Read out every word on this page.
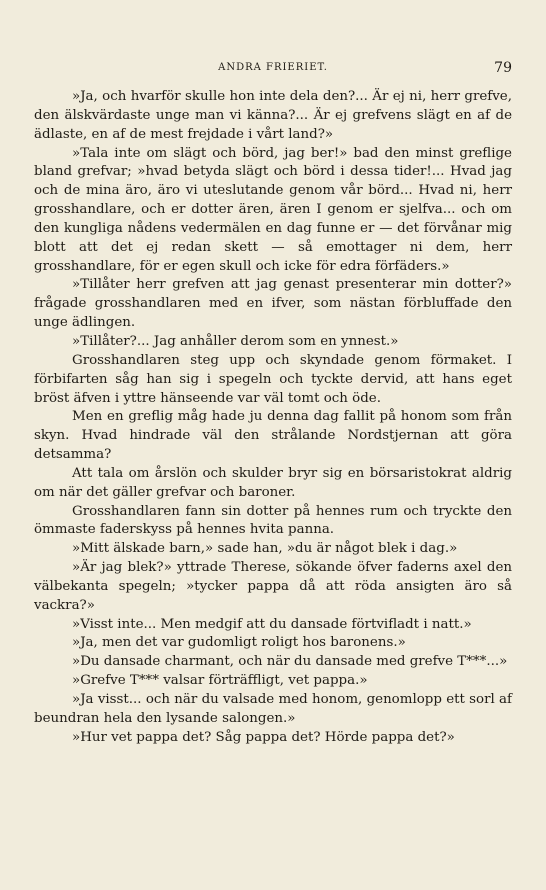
ANDRA FRIERIET.	79

»Ja, och hvarför skulle hon inte dela den?... Är ej ni, herr grefve, den älskvärdaste unge man vi känna?... Är ej grefvens slägt en af de ädlaste, en af de mest frejdade i vårt land?»

»Tala inte om slägt och börd, jag ber!» bad den minst greflige bland grefvar; »hvad betyda slägt och börd i dessa tider!... Hvad jag och de mina äro, äro vi uteslutande genom vår börd... Hvad ni, herr grosshandlare, och er dotter ären, ären I genom er sjelfva... och om den kungliga nådens vedermälen en dag funne er — det förvånar mig blott att det ej redan skett — så emottager ni dem, herr grosshandlare, för er egen skull och icke för edra förfäders.»

»Tillåter herr grefven att jag genast presenterar min dotter?» frågade grosshandlaren med en ifver, som nästan förbluffade den unge ädlingen.

»Tillåter?... Jag anhåller derom som en ynnest.»

Grosshandlaren steg upp och skyndade genom förmaket. I förbifarten såg han sig i spegeln och tyckte dervid, att hans eget bröst äfven i yttre hänseende var väl tomt och öde.

Men en greflig måg hade ju denna dag fallit på honom som från skyn. Hvad hindrade väl den strålande Nordstjernan att göra detsamma?

Att tala om årslön och skulder bryr sig en börsaristokrat aldrig om när det gäller grefvar och baroner.

Grosshandlaren fann sin dotter på hennes rum och tryckte den ömmaste faderskyss på hennes hvita panna.

»Mitt älskade barn,» sade han, »du är något blek i dag.»

»Är jag blek?» yttrade Therese, sökande öfver faderns axel den välbekanta spegeln; »tycker pappa då att röda ansigten äro så vackra?»

»Visst inte... Men medgif att du dansade förtvifladt i natt.»

»Ja, men det var gudomligt roligt hos baronens.»

»Du dansade charmant, och när du dansade med grefve T***...»

»Grefve T*** valsar förträffligt, vet pappa.»

»Ja visst... och när du valsade med honom, genomlopp ett sorl af beundran hela den lysande salongen.»

»Hur vet pappa det? Såg pappa det? Hörde pappa det?»
